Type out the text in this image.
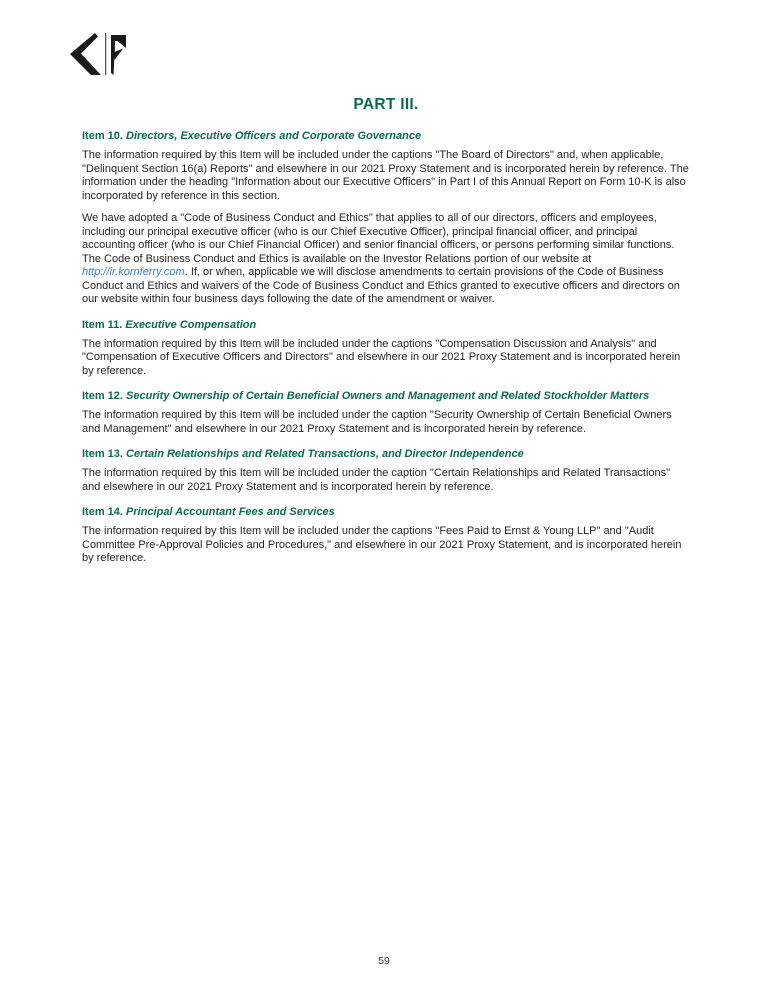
PART III.
Item 10. Directors, Executive Officers and Corporate Governance

The information required by this Item will be included under the captions "The Board of Directors" and, when applicable, "Delinquent Section 16(a) Reports" and elsewhere in our 2021 Proxy Statement and is incorporated herein by reference. The information under the heading "Information about our Executive Officers" in Part I of this Annual Report on Form 10-K is also incorporated by reference in this section.

We have adopted a "Code of Business Conduct and Ethics" that applies to all of our directors, officers and employees, including our principal executive officer (who is our Chief Executive Officer), principal financial officer, and principal accounting officer (who is our Chief Financial Officer) and senior financial officers, or persons performing similar functions. The Code of Business Conduct and Ethics is available on the Investor Relations portion of our website at http://ir.kornferry.com. If, or when, applicable we will disclose amendments to certain provisions of the Code of Business Conduct and Ethics and waivers of the Code of Business Conduct and Ethics granted to executive officers and directors on our website within four business days following the date of the amendment or waiver.

Item 11. Executive Compensation

The information required by this Item will be included under the captions "Compensation Discussion and Analysis" and "Compensation of Executive Officers and Directors" and elsewhere in our 2021 Proxy Statement and is incorporated herein by reference.

Item 12. Security Ownership of Certain Beneficial Owners and Management and Related Stockholder Matters

The information required by this Item will be included under the caption "Security Ownership of Certain Beneficial Owners and Management" and elsewhere in our 2021 Proxy Statement and is incorporated herein by reference.

Item 13. Certain Relationships and Related Transactions, and Director Independence

The information required by this Item will be included under the caption "Certain Relationships and Related Transactions" and elsewhere in our 2021 Proxy Statement and is incorporated herein by reference.

Item 14. Principal Accountant Fees and Services

The information required by this Item will be included under the captions "Fees Paid to Ernst & Young LLP" and "Audit Committee Pre-Approval Policies and Procedures," and elsewhere in our 2021 Proxy Statement, and is incorporated herein by reference.

59
